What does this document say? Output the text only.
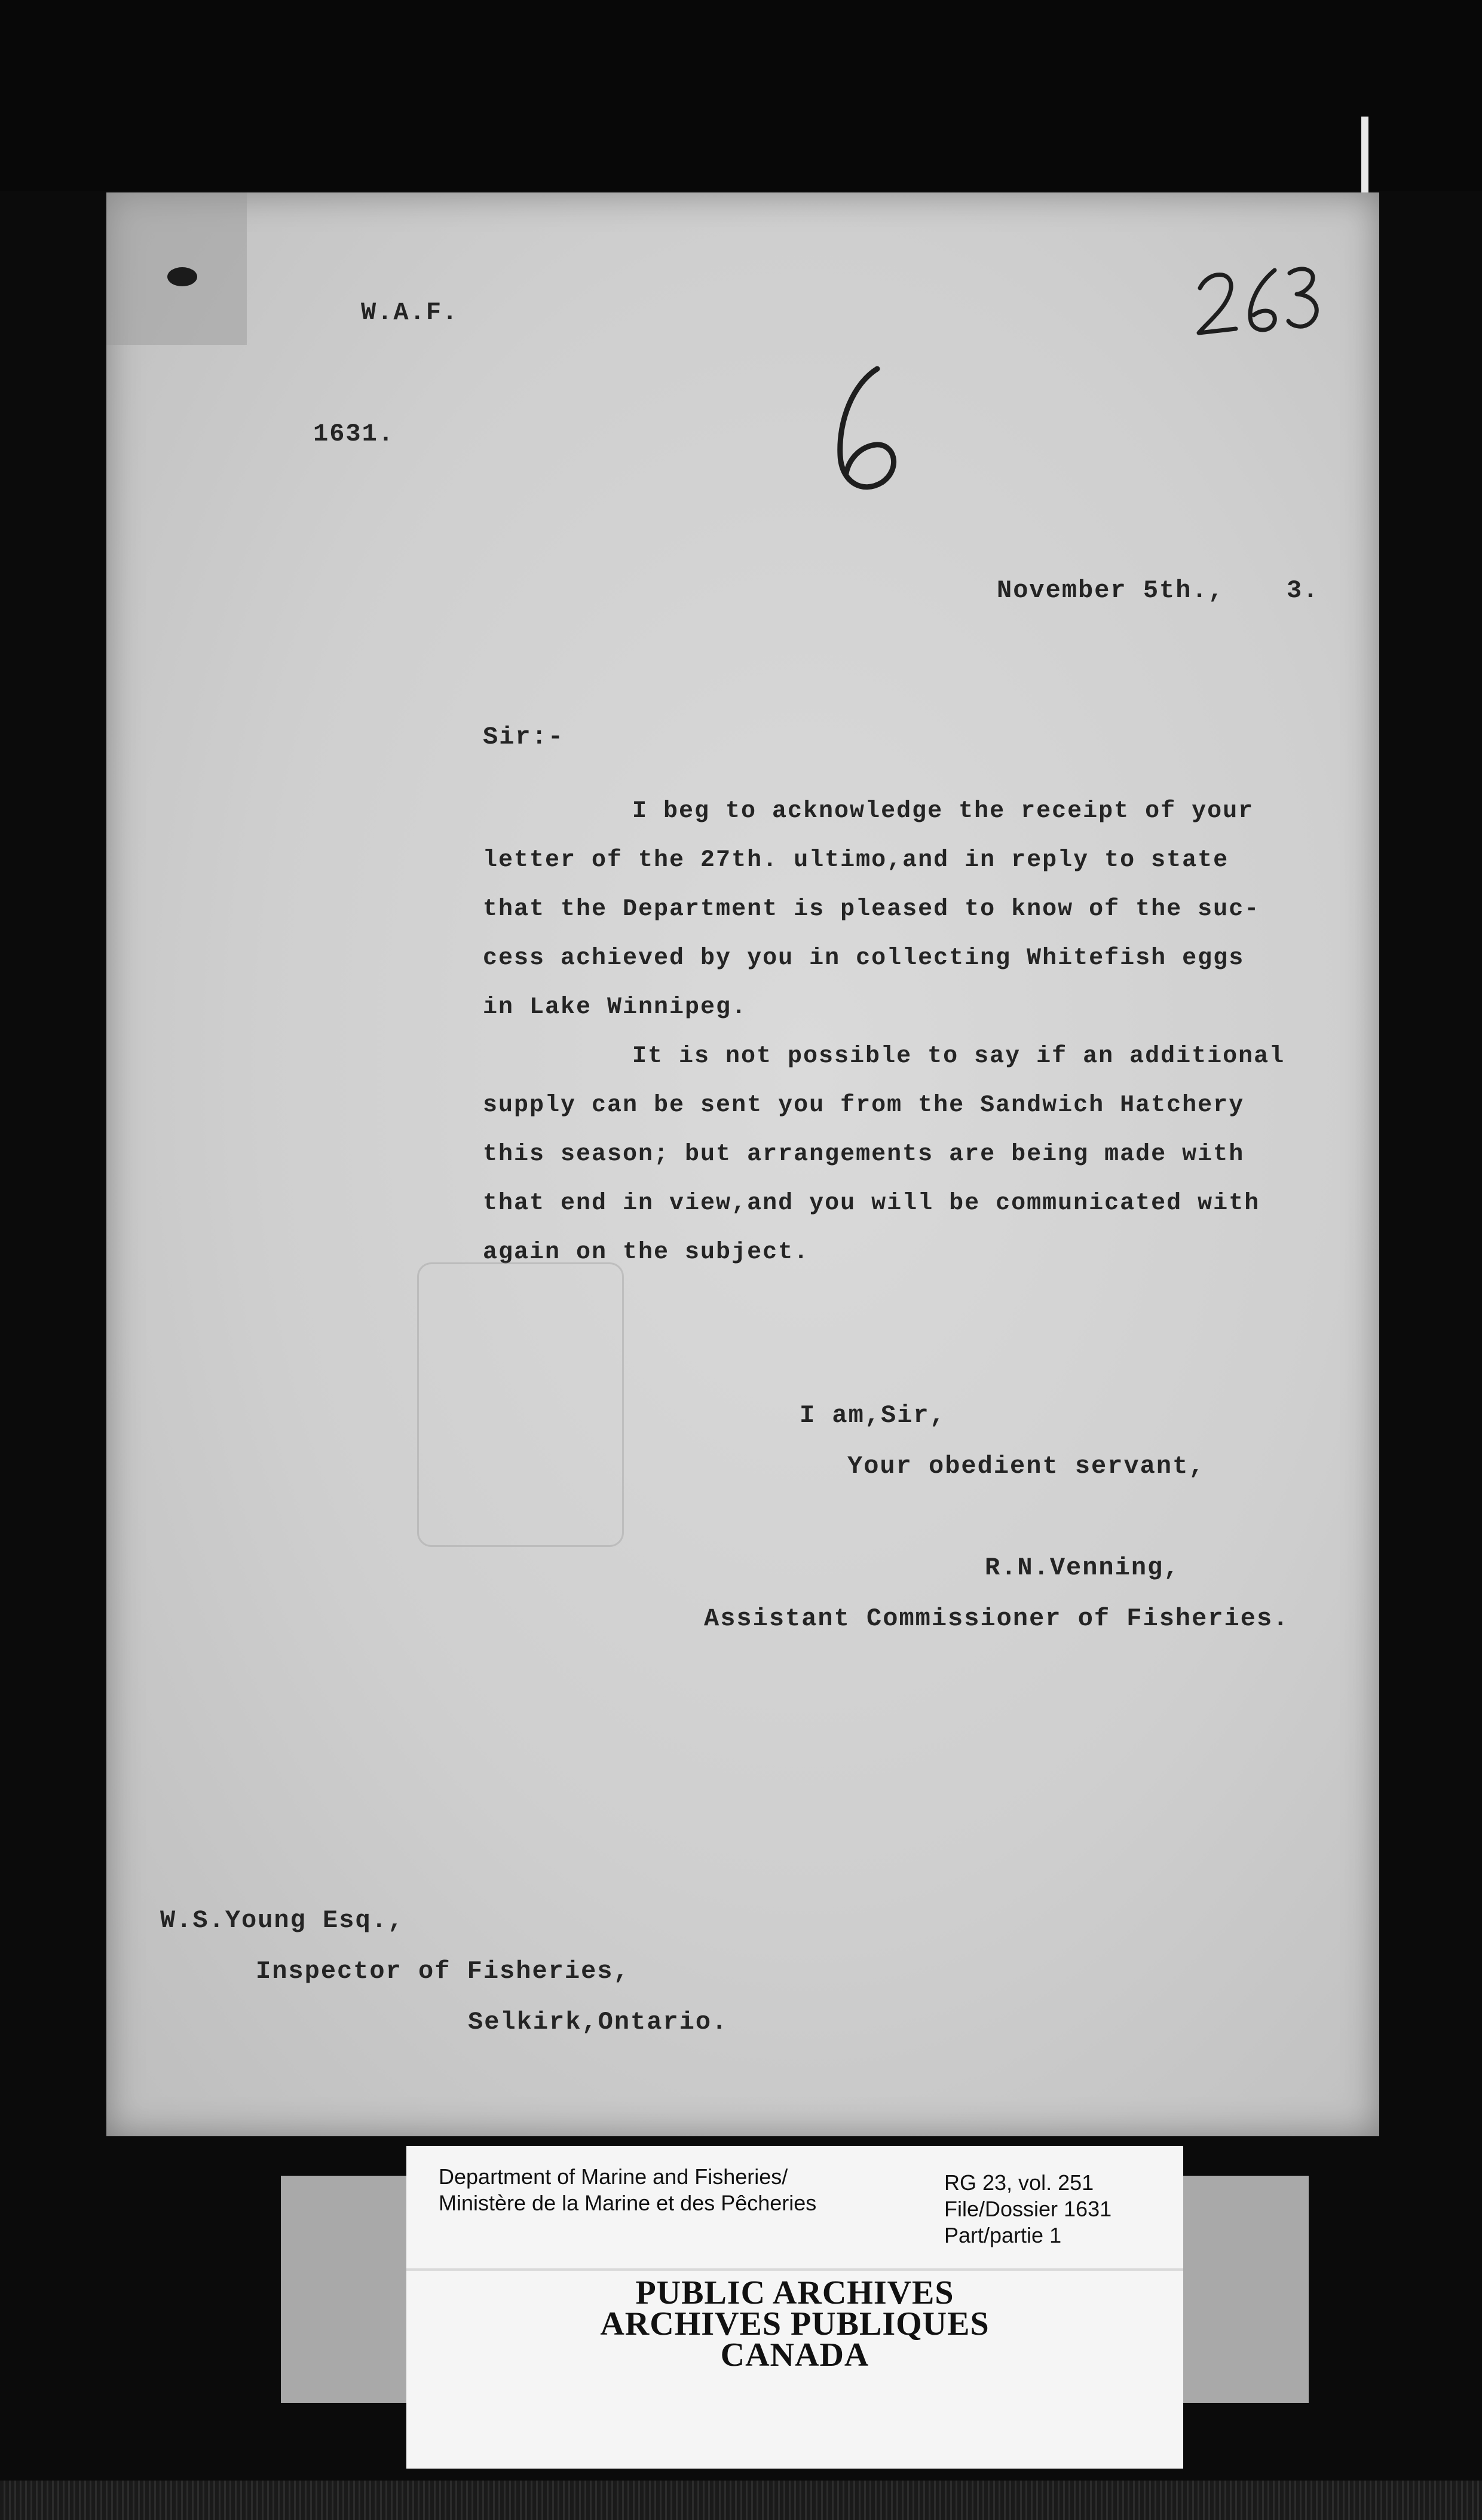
W.A.F.
1631.
November 5th., 3.
Sir:-
I beg to acknowledge the receipt of your
letter of the 27th. ultimo,and in reply to state
that the Department is pleased to know of the suc-
cess achieved by you in collecting Whitefish eggs
in Lake Winnipeg.
It is not possible to say if an additional
supply can be sent you from the Sandwich Hatchery
this season; but arrangements are being made with
that end in view,and you will be communicated with
again on the subject.
I am,Sir,
Your obedient servant,
R.N.Venning,
Assistant Commissioner of Fisheries.
W.S.Young Esq.,
Inspector of Fisheries,
Selkirk,Ontario.
Department of Marine and Fisheries/
Ministère de la Marine et des Pêcheries
RG 23, vol. 251
File/Dossier 1631
Part/partie 1
PUBLIC ARCHIVES
ARCHIVES PUBLIQUES
CANADA
